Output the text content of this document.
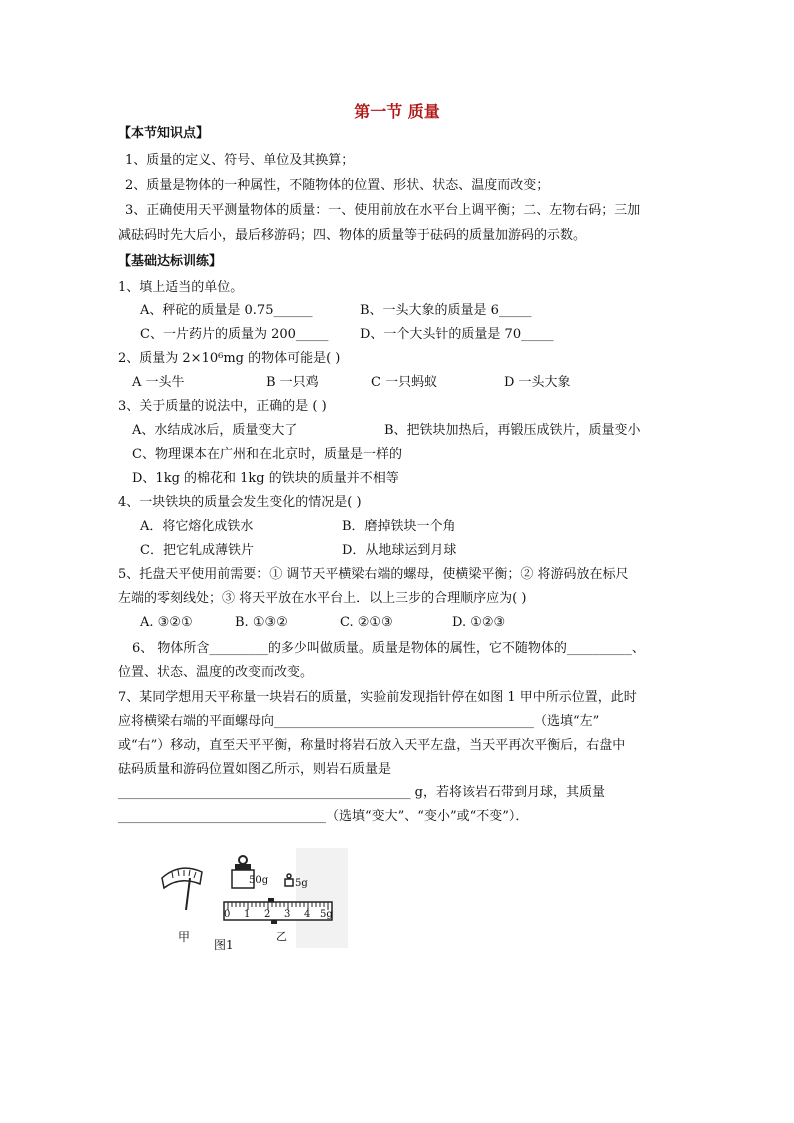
第一节 质量
【本节知识点】
1、质量的定义、符号、单位及其换算；
2、质量是物体的一种属性，不随物体的位置、形状、状态、温度而改变；
3、正确使用天平测量物体的质量：一、使用前放在水平台上调平衡；二、左物右码；三加
减砝码时先大后小，最后移游码；四、物体的质量等于砝码的质量加游码的示数。
【基础达标训练】
1、填上适当的单位。
A、秤砣的质量是 0.75______	B、一头大象的质量是 6_____
C、一片药片的质量为 200_____ D、一个大头针的质量是 70_____
2、质量为 2×10⁶mg 的物体可能是( )
A 一头牛	B 一只鸡	C 一只蚂蚁	D 一头大象
3、关于质量的说法中，正确的是 ( )
A、水结成冰后，质量变大了	B、把铁块加热后，再锻压成铁片，质量变小
C、物理课本在广州和在北京时，质量是一样的
D、1kg 的棉花和 1kg 的铁块的质量并不相等
4、一块铁块的质量会发生变化的情况是( )
A．将它熔化成铁水	B．磨掉铁块一个角
C．把它轧成薄铁片	D．从地球运到月球
5、托盘天平使用前需要：① 调节天平横梁右端的螺母，使横梁平衡；② 将游码放在标尺
左端的零刻线处；③ 将天平放在水平台上．以上三步的合理顺序应为( )
A. ③②①	B. ①③②	C. ②①③	D. ①②③
6、 物体所含_________的多少叫做质量。质量是物体的属性，它不随物体的__________、
位置、状态、温度的改变而改变。
7、某同学想用天平称量一块岩石的质量，实验前发现指针停在如图 1 甲中所示位置，此时
应将横梁右端的平面螺母向________________________________________（选填“左”
或“右”）移动，直至天平平衡，称量时将岩石放入天平左盘，当天平再次平衡后，右盘中
砝码质量和游码位置如图乙所示，则岩石质量是
_____________________________________________ g，若将该岩石带到月球，其质量
________________________________（选填“变大”、“变小”或“不变”）．
50g	5g
0 1 2 3 4 5g
甲	乙
图1
